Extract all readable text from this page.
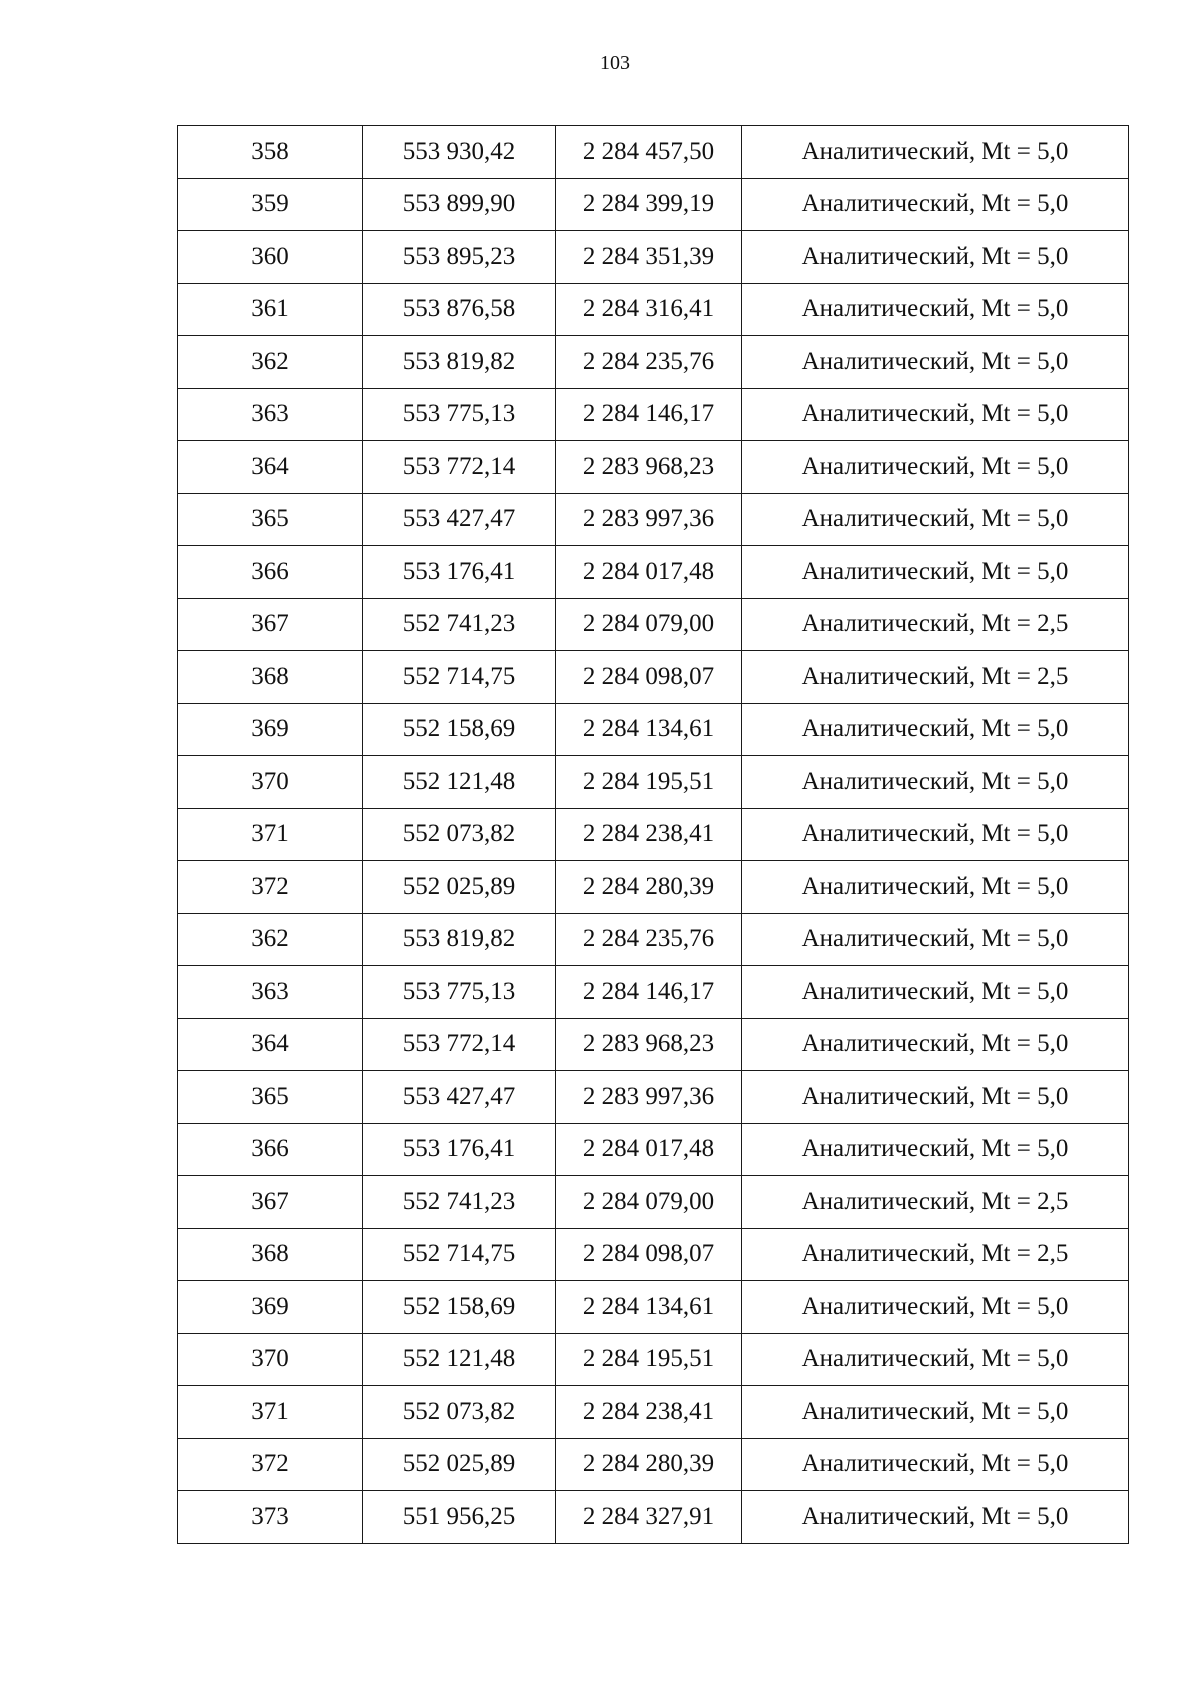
103
358	553 930,42	2 284 457,50	Аналитический, Mt = 5,0
359	553 899,90	2 284 399,19	Аналитический, Mt = 5,0
360	553 895,23	2 284 351,39	Аналитический, Mt = 5,0
361	553 876,58	2 284 316,41	Аналитический, Mt = 5,0
362	553 819,82	2 284 235,76	Аналитический, Mt = 5,0
363	553 775,13	2 284 146,17	Аналитический, Mt = 5,0
364	553 772,14	2 283 968,23	Аналитический, Mt = 5,0
365	553 427,47	2 283 997,36	Аналитический, Mt = 5,0
366	553 176,41	2 284 017,48	Аналитический, Mt = 5,0
367	552 741,23	2 284 079,00	Аналитический, Mt = 2,5
368	552 714,75	2 284 098,07	Аналитический, Mt = 2,5
369	552 158,69	2 284 134,61	Аналитический, Mt = 5,0
370	552 121,48	2 284 195,51	Аналитический, Mt = 5,0
371	552 073,82	2 284 238,41	Аналитический, Mt = 5,0
372	552 025,89	2 284 280,39	Аналитический, Mt = 5,0
362	553 819,82	2 284 235,76	Аналитический, Mt = 5,0
363	553 775,13	2 284 146,17	Аналитический, Mt = 5,0
364	553 772,14	2 283 968,23	Аналитический, Mt = 5,0
365	553 427,47	2 283 997,36	Аналитический, Mt = 5,0
366	553 176,41	2 284 017,48	Аналитический, Mt = 5,0
367	552 741,23	2 284 079,00	Аналитический, Mt = 2,5
368	552 714,75	2 284 098,07	Аналитический, Mt = 2,5
369	552 158,69	2 284 134,61	Аналитический, Mt = 5,0
370	552 121,48	2 284 195,51	Аналитический, Mt = 5,0
371	552 073,82	2 284 238,41	Аналитический, Mt = 5,0
372	552 025,89	2 284 280,39	Аналитический, Mt = 5,0
373	551 956,25	2 284 327,91	Аналитический, Mt = 5,0
